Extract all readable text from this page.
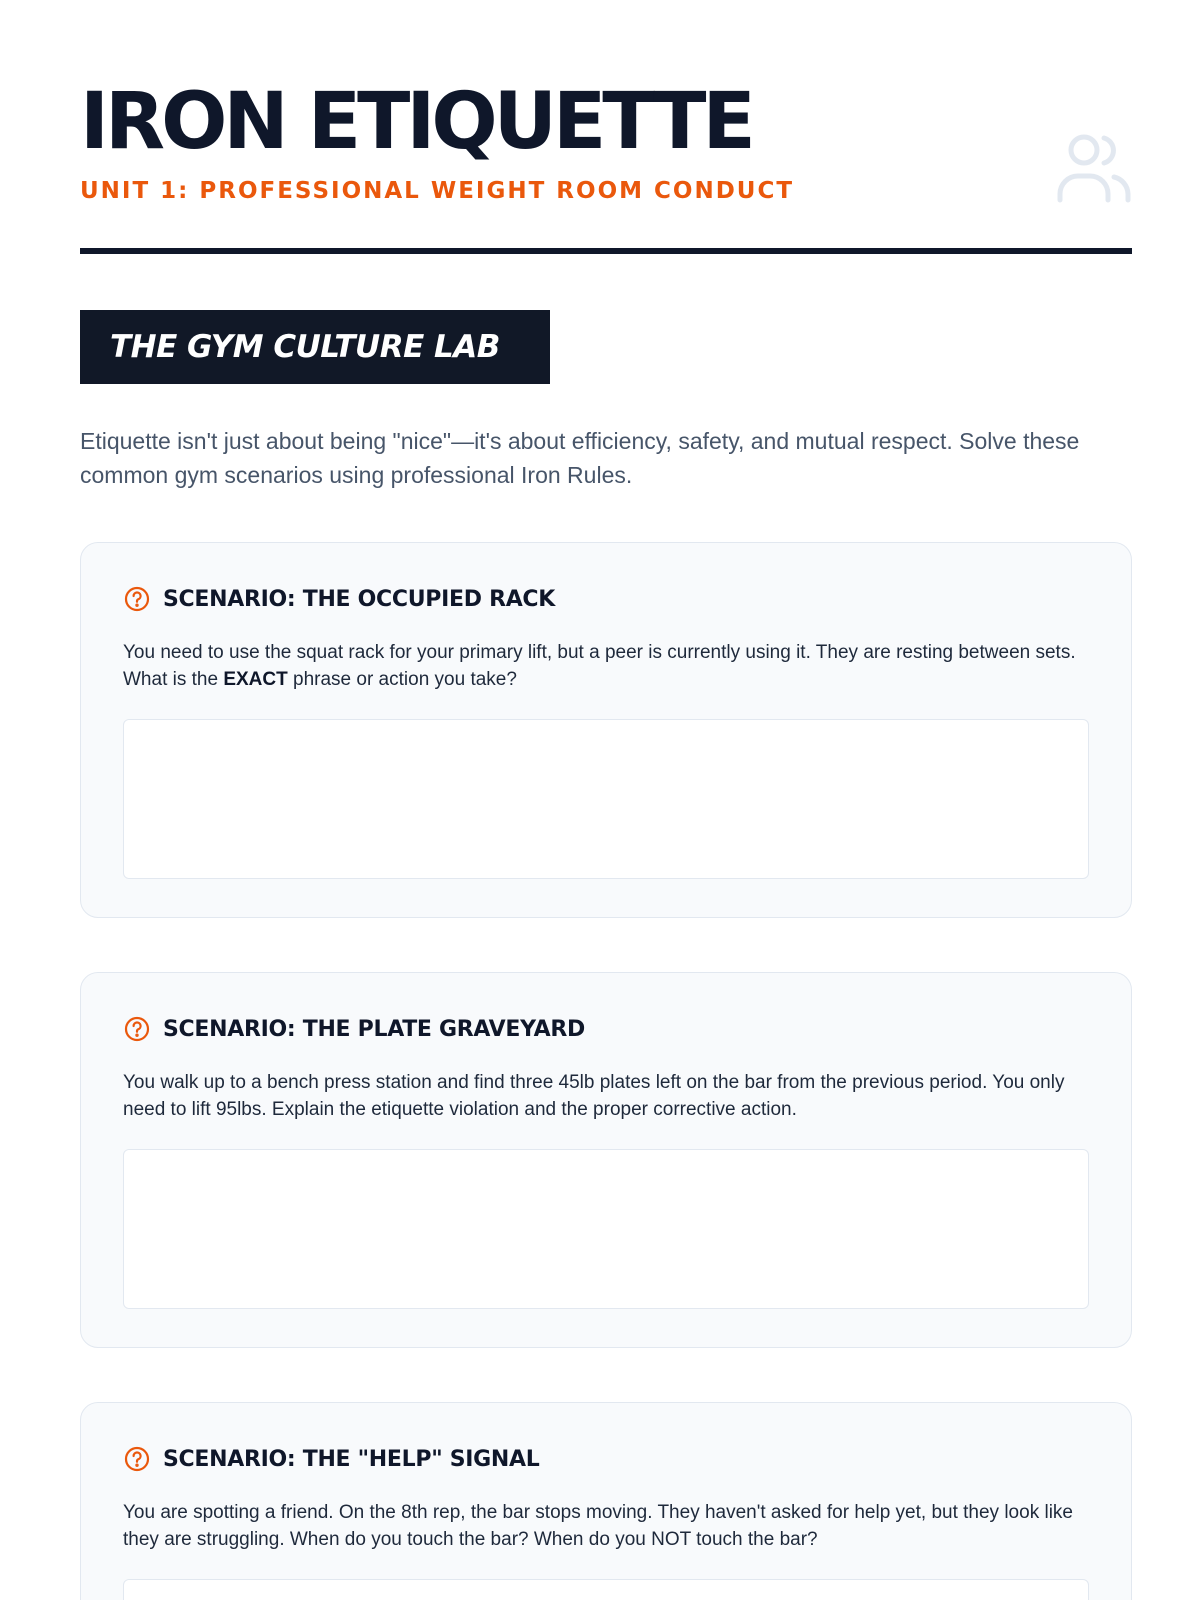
IRON ETIQUETTE
UNIT 1: PROFESSIONAL WEIGHT ROOM CONDUCT
THE GYM CULTURE LAB

Etiquette isn't just about being "nice"—it's about efficiency, safety, and mutual respect. Solve these common gym scenarios using professional Iron Rules.

SCENARIO: THE OCCUPIED RACK

You need to use the squat rack for your primary lift, but a peer is currently using it. They are resting between sets. What is the EXACT phrase or action you take?

SCENARIO: THE PLATE GRAVEYARD

You walk up to a bench press station and find three 45lb plates left on the bar from the previous period. You only need to lift 95lbs. Explain the etiquette violation and the proper corrective action.

SCENARIO: THE "HELP" SIGNAL

You are spotting a friend. On the 8th rep, the bar stops moving. They haven't asked for help yet, but they look like they are struggling. When do you touch the bar? When do you NOT touch the bar?
